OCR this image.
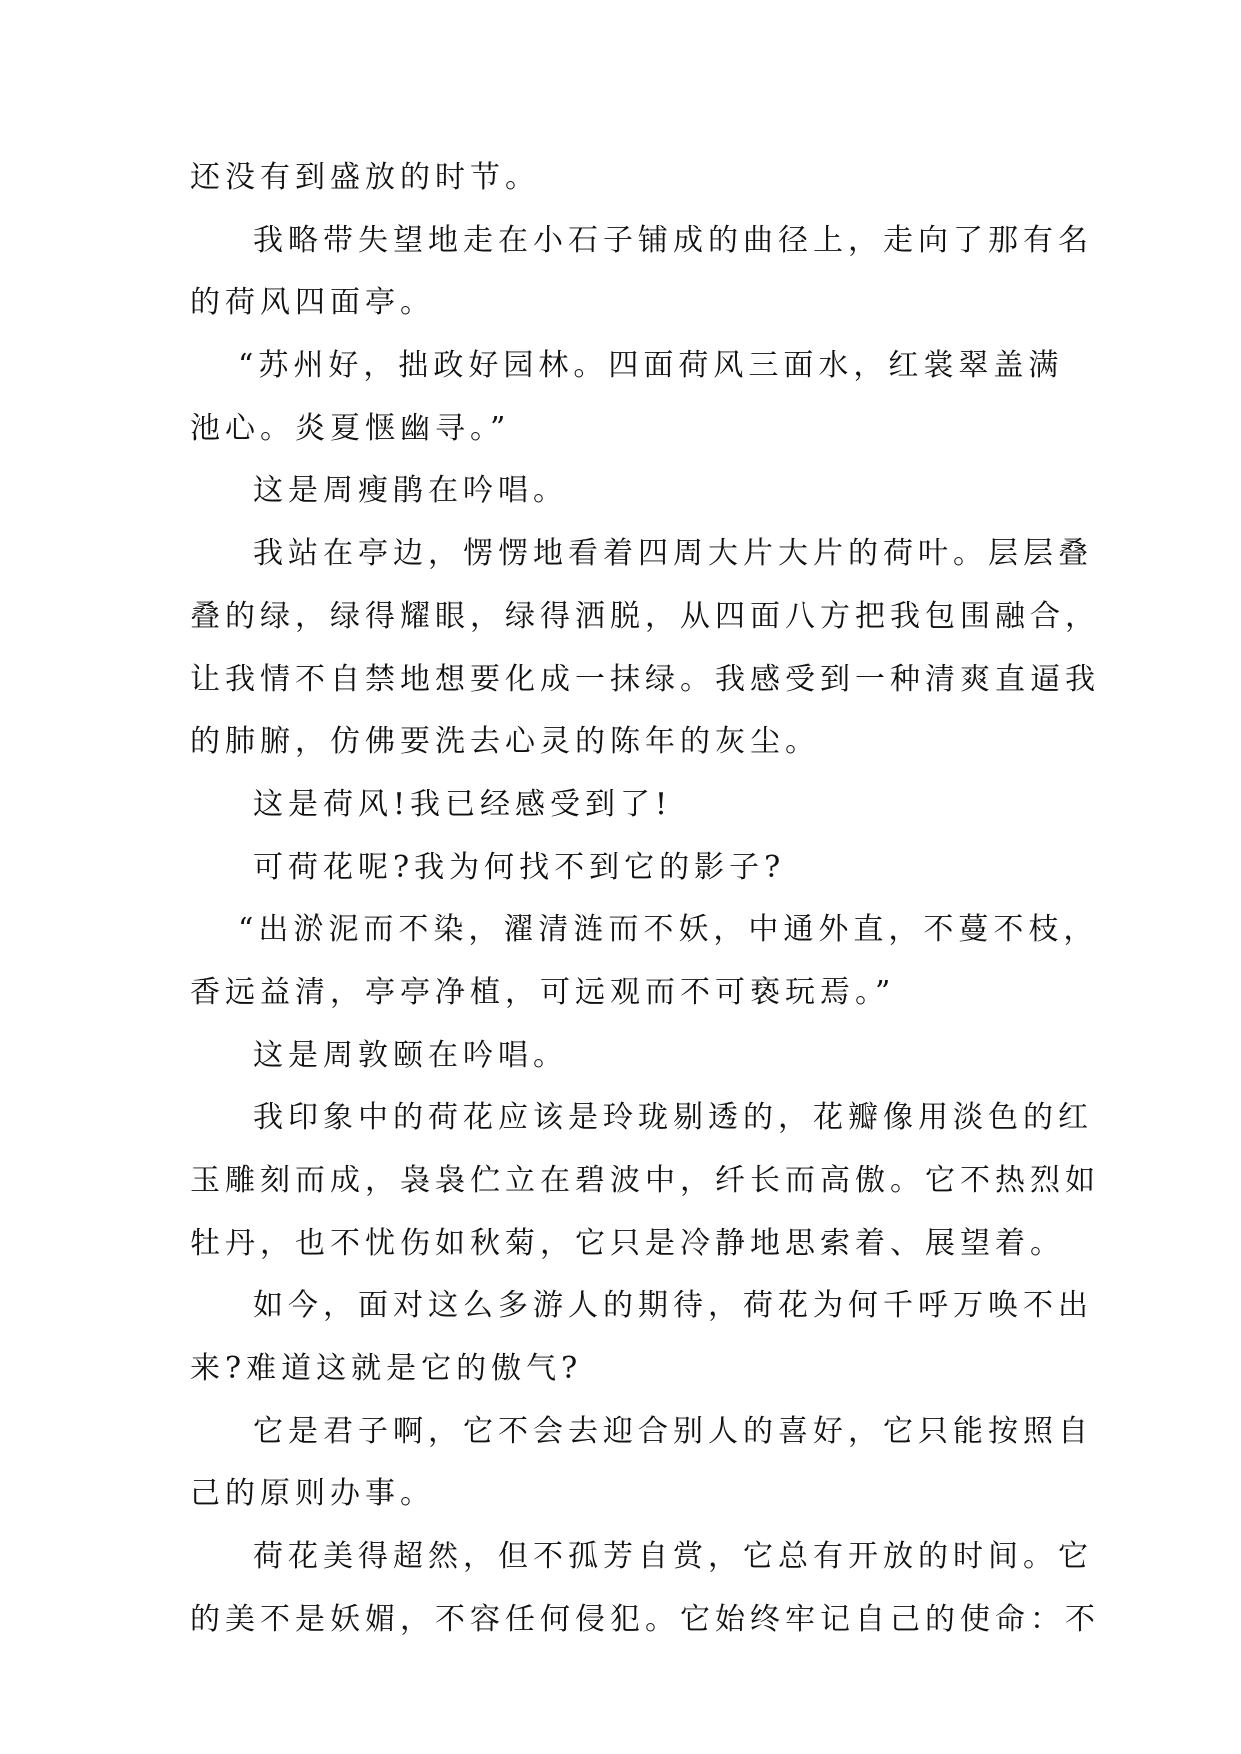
还没有到盛放的时节。
我略带失望地走在小石子铺成的曲径上，走向了那有名
的荷风四面亭。
“苏州好，拙政好园林。四面荷风三面水，红裳翠盖满
池心。炎夏惬幽寻。”
这是周瘦鹃在吟唱。
我站在亭边，愣愣地看着四周大片大片的荷叶。层层叠
叠的绿，绿得耀眼，绿得洒脱，从四面八方把我包围融合，
让我情不自禁地想要化成一抹绿。我感受到一种清爽直逼我
的肺腑，仿佛要洗去心灵的陈年的灰尘。
这是荷风!我已经感受到了!
可荷花呢?我为何找不到它的影子?
“出淤泥而不染，濯清涟而不妖，中通外直，不蔓不枝，
香远益清，亭亭净植，可远观而不可亵玩焉。”
这是周敦颐在吟唱。
我印象中的荷花应该是玲珑剔透的，花瓣像用淡色的红
玉雕刻而成，袅袅伫立在碧波中，纤长而高傲。它不热烈如
牡丹，也不忧伤如秋菊，它只是冷静地思索着、展望着。
如今，面对这么多游人的期待，荷花为何千呼万唤不出
来?难道这就是它的傲气?
它是君子啊，它不会去迎合别人的喜好，它只能按照自
己的原则办事。
荷花美得超然，但不孤芳自赏，它总有开放的时间。它
的美不是妖媚，不容任何侵犯。它始终牢记自己的使命：不
